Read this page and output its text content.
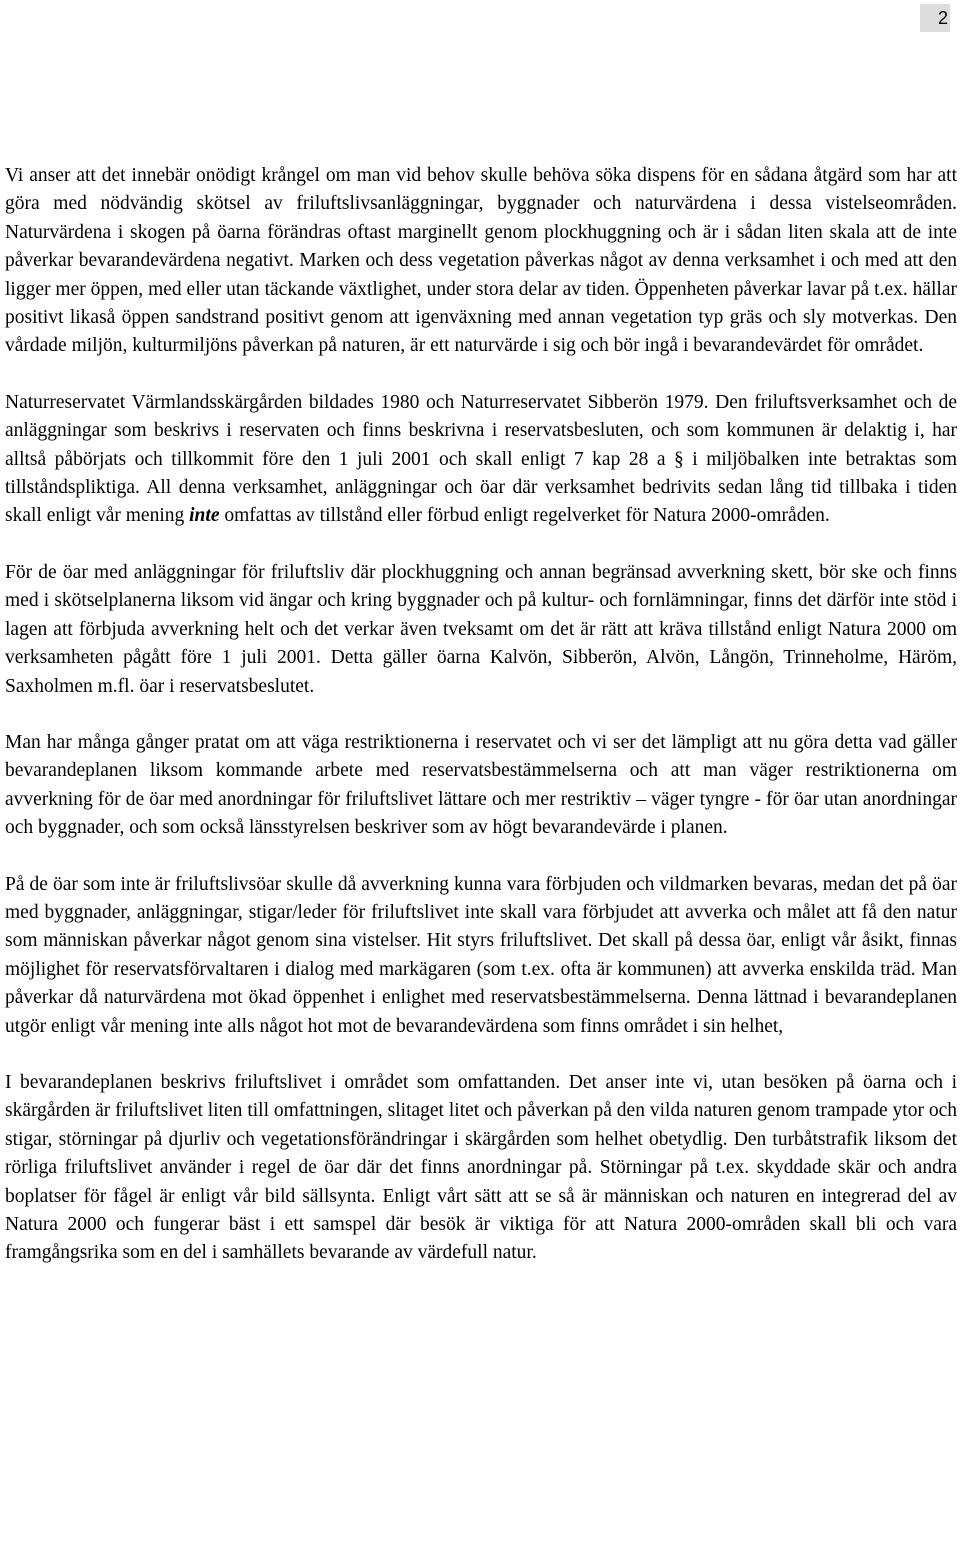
2

Vi anser att det innebär onödigt krångel om man vid behov skulle behöva söka dispens för en sådana åtgärd som har att göra med nödvändig skötsel av friluftslivsanläggningar, byggnader och naturvärdena i dessa vistelseområden. Naturvärdena i skogen på öarna förändras oftast marginellt genom plockhuggning och är i sådan liten skala att de inte påverkar bevarandevärdena negativt. Marken och dess vegetation påverkas något av denna verksamhet i och med att den ligger mer öppen, med eller utan täckande växtlighet, under stora delar av tiden. Öppenheten påverkar lavar på t.ex. hällar positivt likaså öppen sandstrand positivt genom att igenväxning med annan vegetation typ gräs och sly motverkas. Den vårdade miljön, kulturmiljöns påverkan på naturen, är ett naturvärde i sig och bör ingå i bevarandevärdet för området.

Naturreservatet Värmlandsskärgården bildades 1980 och Naturreservatet Sibberön 1979. Den friluftsverksamhet och de anläggningar som beskrivs i reservaten och finns beskrivna i reservatsbesluten, och som kommunen är delaktig i, har alltså påbörjats och tillkommit före den 1 juli 2001 och skall enligt 7 kap 28 a § i miljöbalken inte betraktas som tillståndspliktiga. All denna verksamhet, anläggningar och öar där verksamhet bedrivits sedan lång tid tillbaka i tiden skall enligt vår mening inte omfattas av tillstånd eller förbud enligt regelverket för Natura 2000-områden.

För de öar med anläggningar för friluftsliv där plockhuggning och annan begränsad avverkning skett, bör ske och finns med i skötselplanerna liksom vid ängar och kring byggnader och på kultur- och fornlämningar, finns det därför inte stöd i lagen att förbjuda avverkning helt och det verkar även tveksamt om det är rätt att kräva tillstånd enligt Natura 2000 om verksamheten pågått före 1 juli 2001. Detta gäller öarna Kalvön, Sibberön, Alvön, Långön, Trinneholme, Häröm, Saxholmen m.fl. öar i reservatsbeslutet.

Man har många gånger pratat om att väga restriktionerna i reservatet och vi ser det lämpligt att nu göra detta vad gäller bevarandeplanen liksom kommande arbete med reservatsbestämmelserna och att man väger restriktionerna om avverkning för de öar med anordningar för friluftslivet lättare och mer restriktiv – väger tyngre - för öar utan anordningar och byggnader, och som också länsstyrelsen beskriver som av högt bevarandevärde i planen.

På de öar som inte är friluftslivsöar skulle då avverkning kunna vara förbjuden och vildmarken bevaras, medan det på öar med byggnader, anläggningar, stigar/leder för friluftslivet inte skall vara förbjudet att avverka och målet att få den natur som människan påverkar något genom sina vistelser. Hit styrs friluftslivet. Det skall på dessa öar, enligt vår åsikt, finnas möjlighet för reservatsförvaltaren i dialog med markägaren (som t.ex. ofta är kommunen) att avverka enskilda träd. Man påverkar då naturvärdena mot ökad öppenhet i enlighet med reservatsbestämmelserna. Denna lättnad i bevarandeplanen utgör enligt vår mening inte alls något hot mot de bevarandevärdena som finns området i sin helhet,

I bevarandeplanen beskrivs friluftslivet i området som omfattanden. Det anser inte vi, utan besöken på öarna och i skärgården är friluftslivet liten till omfattningen, slitaget litet och påverkan på den vilda naturen genom trampade ytor och stigar, störningar på djurliv och vegetationsförändringar i skärgården som helhet obetydlig. Den turbåtstrafik liksom det rörliga friluftslivet använder i regel de öar där det finns anordningar på. Störningar på t.ex. skyddade skär och andra boplatser för fågel är enligt vår bild sällsynta. Enligt vårt sätt att se så är människan och naturen en integrerad del av Natura 2000 och fungerar bäst i ett samspel där besök är viktiga för att Natura 2000-områden skall bli och vara framgångsrika som en del i samhällets bevarande av värdefull natur.
